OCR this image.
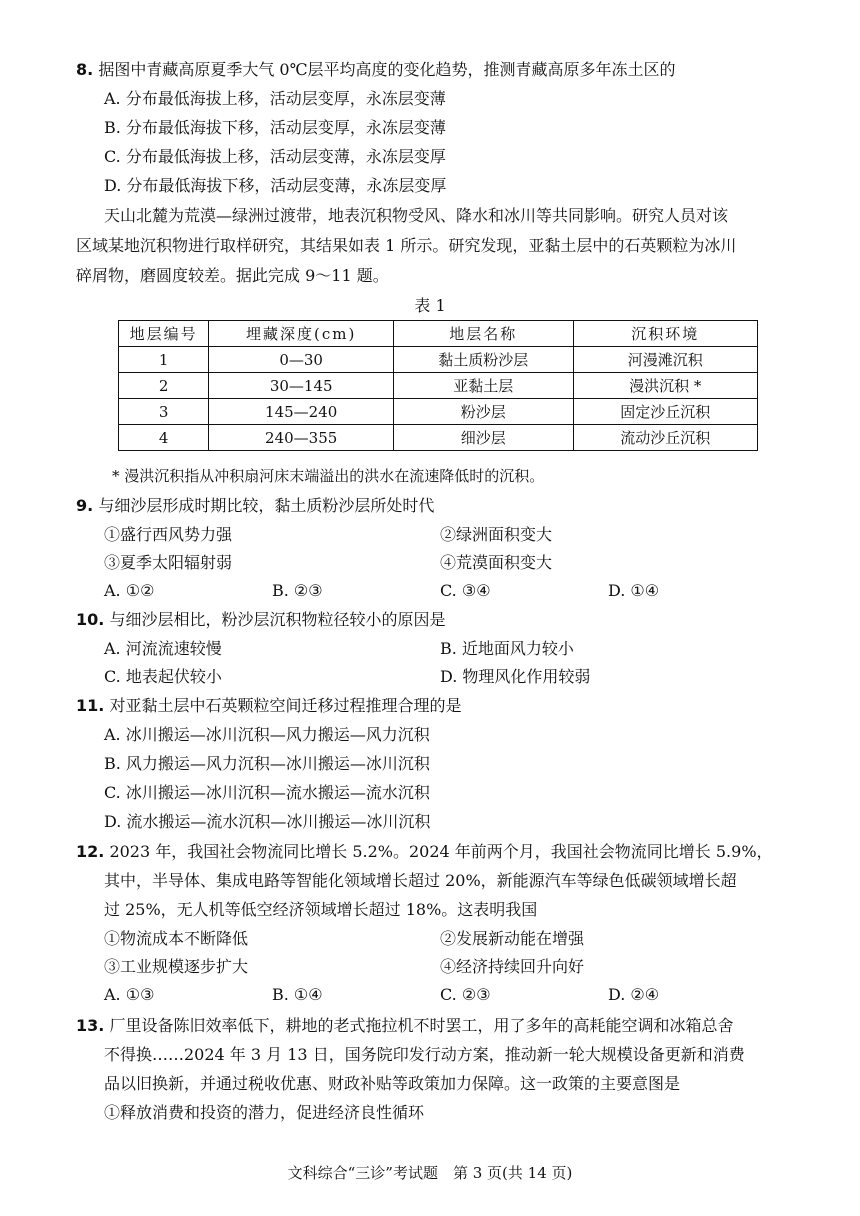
8. 据图中青藏高原夏季大气 0℃层平均高度的变化趋势，推测青藏高原多年冻土区的
A. 分布最低海拔上移，活动层变厚，永冻层变薄
B. 分布最低海拔下移，活动层变厚，永冻层变薄
C. 分布最低海拔上移，活动层变薄，永冻层变厚
D. 分布最低海拔下移，活动层变薄，永冻层变厚
天山北麓为荒漠—绿洲过渡带，地表沉积物受风、降水和冰川等共同影响。研究人员对该
区域某地沉积物进行取样研究，其结果如表 1 所示。研究发现，亚黏土层中的石英颗粒为冰川
碎屑物，磨圆度较差。据此完成 9～11 题。
表 1
地层编号	埋藏深度(cm)	地层名称	沉积环境
1	0—30	黏土质粉沙层	河漫滩沉积
2	30—145	亚黏土层	漫洪沉积 *
3	145—240	粉沙层	固定沙丘沉积
4	240—355	细沙层	流动沙丘沉积
* 漫洪沉积指从冲积扇河床末端溢出的洪水在流速降低时的沉积。
9. 与细沙层形成时期比较，黏土质粉沙层所处时代
①盛行西风势力强	②绿洲面积变大
③夏季太阳辐射弱	④荒漠面积变大
A. ①②	B. ②③	C. ③④	D. ①④
10. 与细沙层相比，粉沙层沉积物粒径较小的原因是
A. 河流流速较慢	B. 近地面风力较小
C. 地表起伏较小	D. 物理风化作用较弱
11. 对亚黏土层中石英颗粒空间迁移过程推理合理的是
A. 冰川搬运—冰川沉积—风力搬运—风力沉积
B. 风力搬运—风力沉积—冰川搬运—冰川沉积
C. 冰川搬运—冰川沉积—流水搬运—流水沉积
D. 流水搬运—流水沉积—冰川搬运—冰川沉积
12. 2023 年，我国社会物流同比增长 5.2%。2024 年前两个月，我国社会物流同比增长 5.9%，
其中，半导体、集成电路等智能化领域增长超过 20%，新能源汽车等绿色低碳领域增长超
过 25%，无人机等低空经济领域增长超过 18%。这表明我国
①物流成本不断降低	②发展新动能在增强
③工业规模逐步扩大	④经济持续回升向好
A. ①③	B. ①④	C. ②③	D. ②④
13. 厂里设备陈旧效率低下，耕地的老式拖拉机不时罢工，用了多年的高耗能空调和冰箱总舍
不得换……2024 年 3 月 13 日，国务院印发行动方案，推动新一轮大规模设备更新和消费
品以旧换新，并通过税收优惠、财政补贴等政策加力保障。这一政策的主要意图是
①释放消费和投资的潜力，促进经济良性循环
文科综合“三诊”考试题　第 3 页(共 14 页)
